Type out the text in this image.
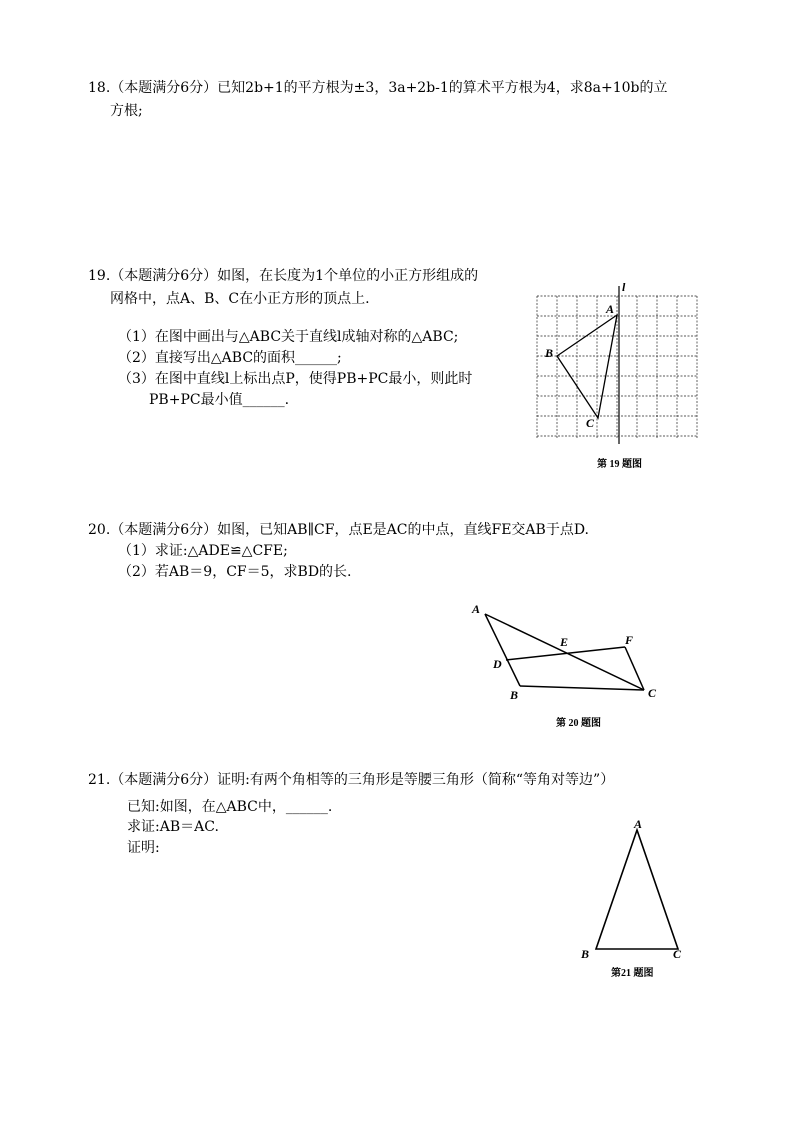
18.（本题满分6分）已知2b+1的平方根为±3，3a+2b-1的算术平方根为4，求8a+10b的立
方根;
19.（本题满分6分）如图，在长度为1个单位的小正方形组成的
网格中，点A、B、C在小正方形的顶点上.
（1）在图中画出与△ABC关于直线l成轴对称的△ABC;
（2）直接写出△ABC的面积______;
（3）在图中直线l上标出点P，使得PB+PC最小，则此时
PB+PC最小值______.
l
A
B
C
第 19 题图
20.（本题满分6分）如图，已知AB∥CF，点E是AC的中点，直线FE交AB于点D.
（1）求证:△ADE≌△CFE;
（2）若AB＝9，CF＝5，求BD的长.
A
E	F
D
B	C
第 20 题图
21.（本题满分6分）证明:有两个角相等的三角形是等腰三角形（简称“等角对等边”）
已知:如图，在△ABC中，______.
求证:AB＝AC.
证明:
A
B	C
第21 题图
